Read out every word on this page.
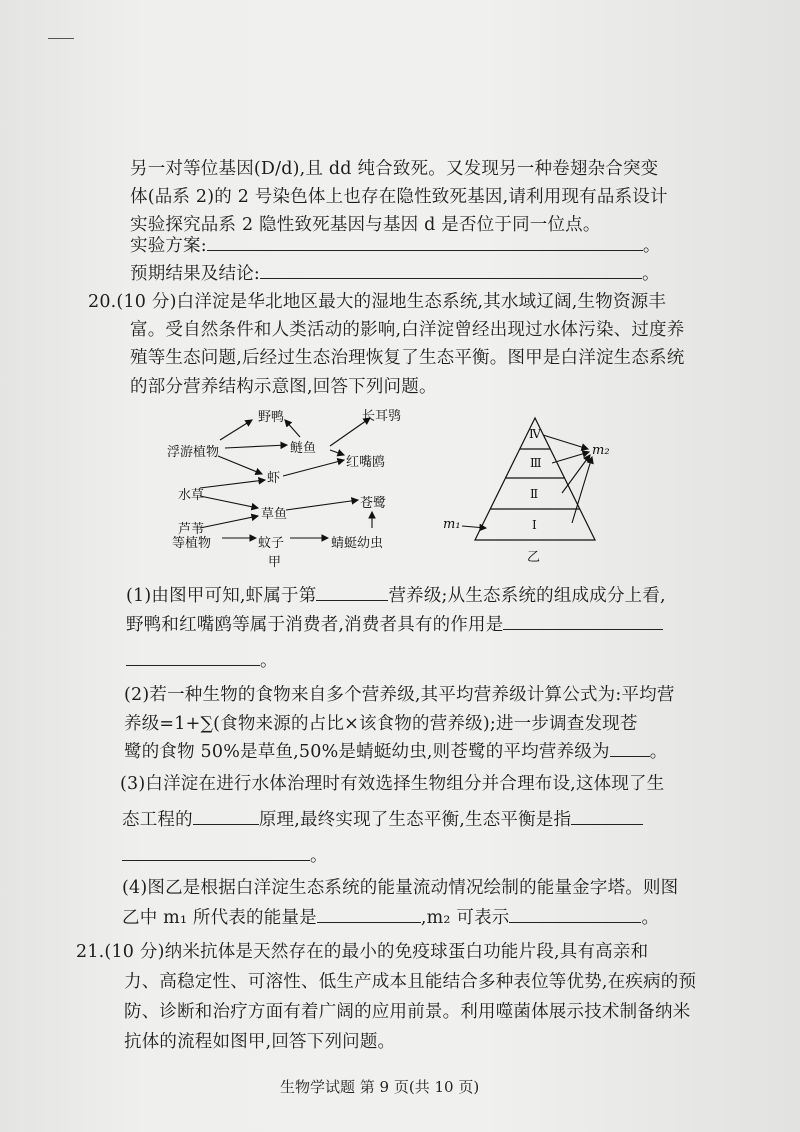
另一对等位基因(D/d),且 dd 纯合致死。又发现另一种卷翅杂合突变
体(品系 2)的 2 号染色体上也存在隐性致死基因,请利用现有品系设计
实验探究品系 2 隐性致死基因与基因 d 是否位于同一位点。
实验方案:	。
预期结果及结论:	。
20.(10 分)白洋淀是华北地区最大的湿地生态系统,其水域辽阔,生物资源丰
富。受自然条件和人类活动的影响,白洋淀曾经出现过水体污染、过度养
殖等生态问题,后经过生态治理恢复了生态平衡。图甲是白洋淀生态系统
的部分营养结构示意图,回答下列问题。
野鸭	长耳鸮
浮游植物	鲢鱼
虾
红嘴鸥
水草
苍鹭
芦苇
等植物
草鱼
蚊子	蜻蜓幼虫
甲
Ⅳ
Ⅲ
Ⅱ
Ⅰ
m₂
m₁
乙
(1)由图甲可知,虾属于第	营养级;从生态系统的组成成分上看,
野鸭和红嘴鸥等属于消费者,消费者具有的作用是
。
(2)若一种生物的食物来自多个营养级,其平均营养级计算公式为:平均营
养级=1+∑(食物来源的占比×该食物的营养级);进一步调查发现苍
鹭的食物 50%是草鱼,50%是蜻蜓幼虫,则苍鹭的平均营养级为 。
(3)白洋淀在进行水体治理时有效选择生物组分并合理布设,这体现了生
态工程的	原理,最终实现了生态平衡,生态平衡是指
。
(4)图乙是根据白洋淀生态系统的能量流动情况绘制的能量金字塔。则图
乙中 m₁ 所代表的能量是	,m₂ 可表示	。
21.(10 分)纳米抗体是天然存在的最小的免疫球蛋白功能片段,具有高亲和
力、高稳定性、可溶性、低生产成本且能结合多种表位等优势,在疾病的预
防、诊断和治疗方面有着广阔的应用前景。利用噬菌体展示技术制备纳米
抗体的流程如图甲,回答下列问题。
生物学试题 第 9 页(共 10 页)
